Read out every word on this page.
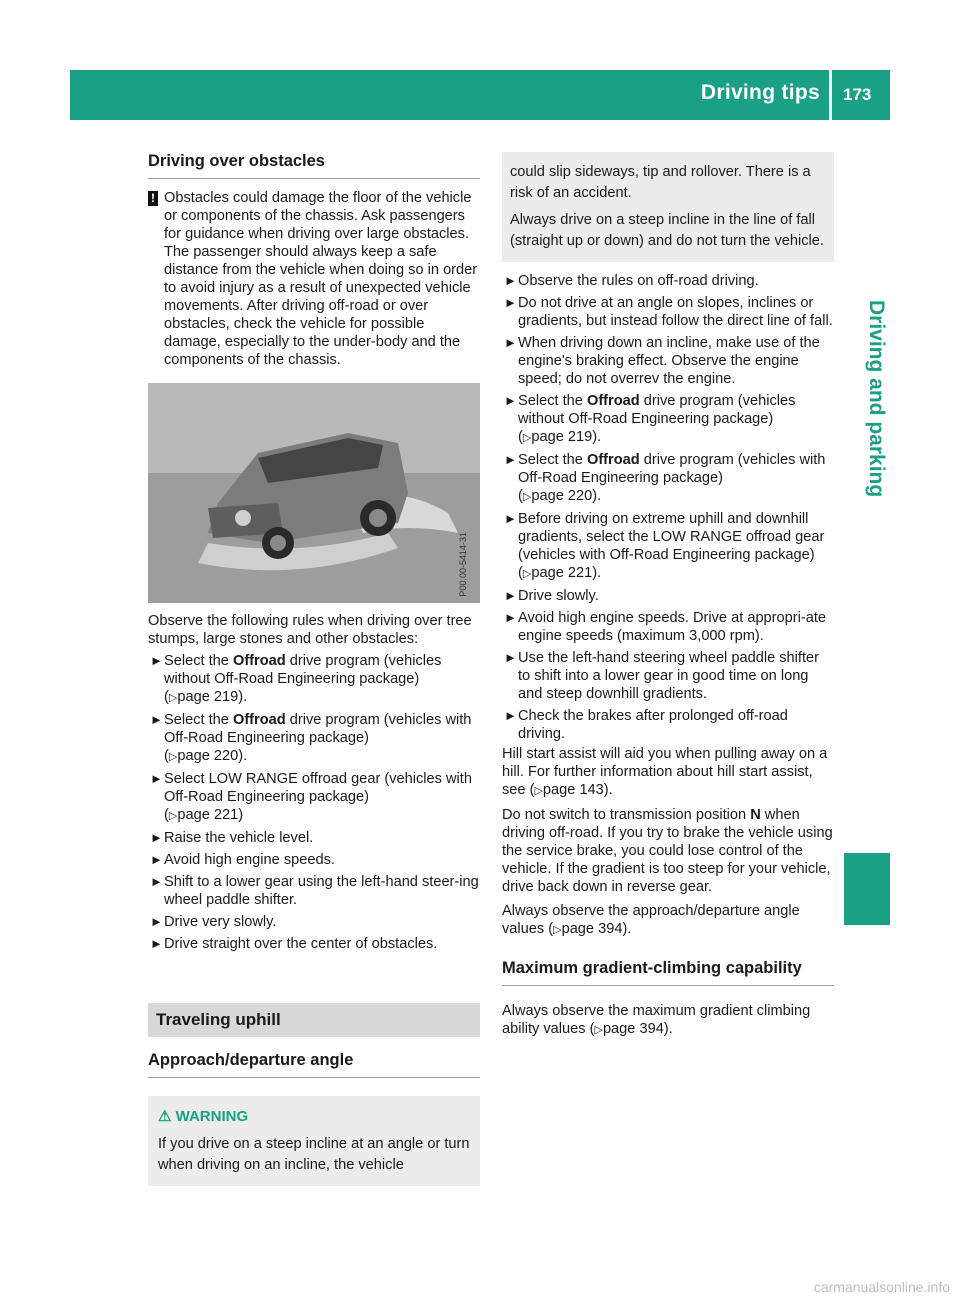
Driving tips 173
Driving and parking
Driving over obstacles
! Obstacles could damage the floor of the vehicle or components of the chassis. Ask passengers for guidance when driving over large obstacles. The passenger should always keep a safe distance from the vehicle when doing so in order to avoid injury as a result of unexpected vehicle movements. After driving off-road or over obstacles, check the vehicle for possible damage, especially to the under-body and the components of the chassis.

P00.00-5414-31

Observe the following rules when driving over tree stumps, large stones and other obstacles:

► Select the Offroad drive program (vehicles without Off-Road Engineering package)
(▷page 219).
► Select the Offroad drive program (vehicles with Off-Road Engineering package)
(▷page 220).
► Select LOW RANGE offroad gear (vehicles with Off-Road Engineering package)
(▷page 221)
► Raise the vehicle level.
► Avoid high engine speeds.
► Shift to a lower gear using the left-hand steer-ing wheel paddle shifter.
► Drive very slowly.
► Drive straight over the center of obstacles.
Traveling uphill
Approach/departure angle
⚠ WARNING

If you drive on a steep incline at an angle or turn when driving on an incline, the vehicle

could slip sideways, tip and rollover. There is a risk of an accident.

Always drive on a steep incline in the line of fall (straight up or down) and do not turn the vehicle.

► Observe the rules on off-road driving.
► Do not drive at an angle on slopes, inclines or gradients, but instead follow the direct line of fall.
► When driving down an incline, make use of the engine's braking effect. Observe the engine speed; do not overrev the engine.
► Select the Offroad drive program (vehicles without Off-Road Engineering package)
(▷page 219).
► Select the Offroad drive program (vehicles with Off-Road Engineering package)
(▷page 220).
► Before driving on extreme uphill and downhill gradients, select the LOW RANGE offroad gear (vehicles with Off-Road Engineering package) (▷page 221).
► Drive slowly.
► Avoid high engine speeds. Drive at appropri-ate engine speeds (maximum 3,000 rpm).
► Use the left-hand steering wheel paddle shifter to shift into a lower gear in good time on long and steep downhill gradients.
► Check the brakes after prolonged off-road driving.

Hill start assist will aid you when pulling away on a hill. For further information about hill start assist, see (▷page 143).

Do not switch to transmission position N when driving off-road. If you try to brake the vehicle using the service brake, you could lose control of the vehicle. If the gradient is too steep for your vehicle, drive back down in reverse gear.

Always observe the approach/departure angle values (▷page 394).

Maximum gradient-climbing capability

Always observe the maximum gradient climbing ability values (▷page 394).

carmanualsonline.info
